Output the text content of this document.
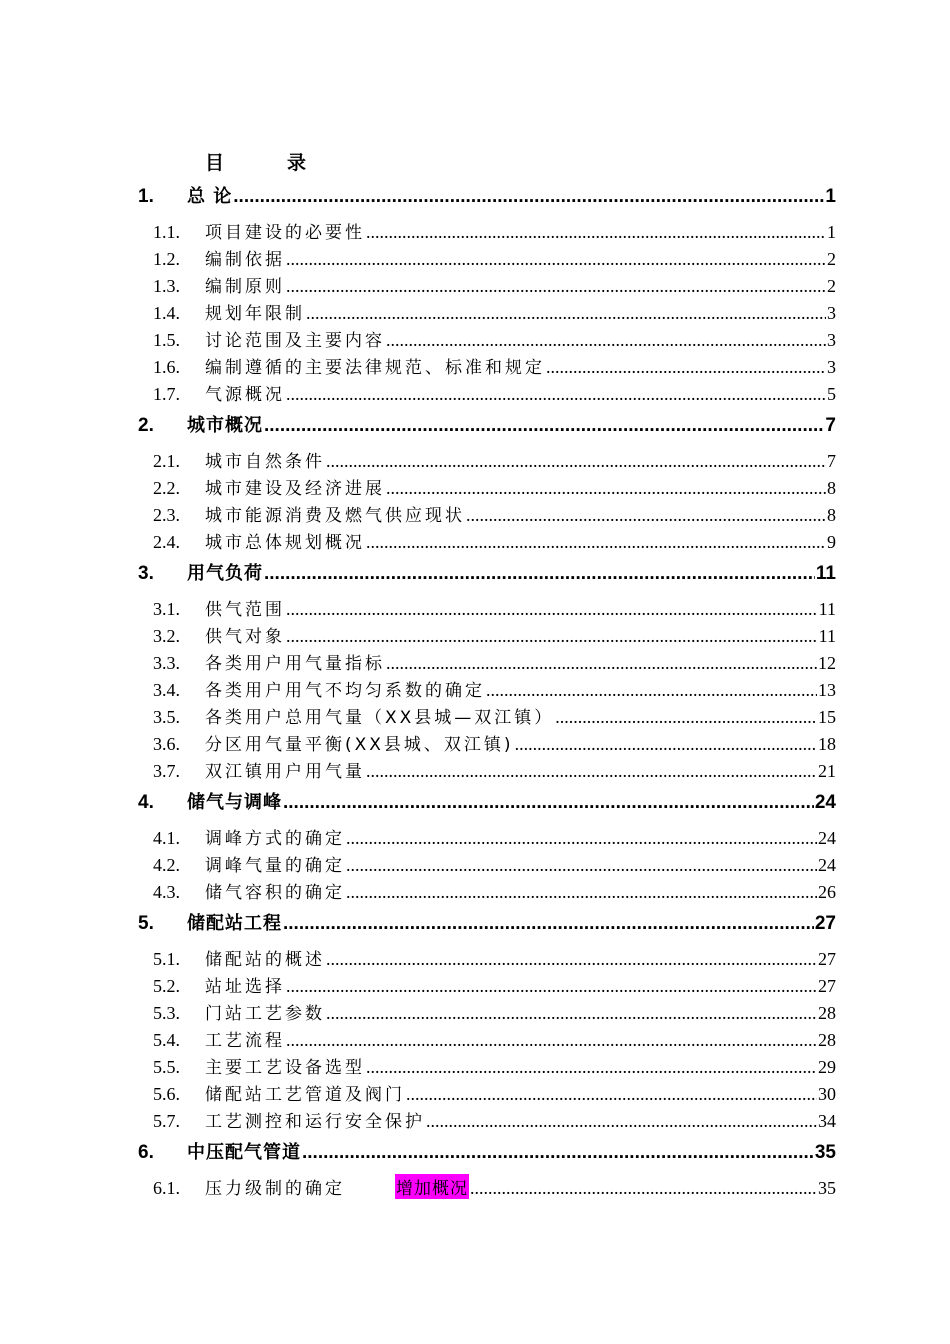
目　录
1.	总 论 .....	1
1.1.	项目建设的必要性 .....	1
1.2.	编制依据 .....	2
1.3.	编制原则 .....	2
1.4.	规划年限制 .....	3
1.5.	讨论范围及主要内容 .....	3
1.6.	编制遵循的主要法律规范、标准和规定 .....	3
1.7.	气源概况 .....	5
2.	城市概况 .....	7
2.1.	城市自然条件 .....	7
2.2.	城市建设及经济进展 .....	8
2.3.	城市能源消费及燃气供应现状 .....	8
2.4.	城市总体规划概况 .....	9
3.	用气负荷 .....	11
3.1.	供气范围 .....	11
3.2.	供气对象 .....	11
3.3.	各类用户用气量指标 .....	12
3.4.	各类用户用气不均匀系数的确定 .....	13
3.5.	各类用户总用气量（XX县城—双江镇） .....	15
3.6.	分区用气量平衡(XX县城、双江镇) .....	18
3.7.	双江镇用户用气量 .....	21
4.	储气与调峰 .....	24
4.1.	调峰方式的确定 .....	24
4.2.	调峰气量的确定 .....	24
4.3.	储气容积的确定 .....	26
5.	储配站工程 .....	27
5.1.	储配站的概述 .....	27
5.2.	站址选择 .....	27
5.3.	门站工艺参数 .....	28
5.4.	工艺流程 .....	28
5.5.	主要工艺设备选型 .....	29
5.6.	储配站工艺管道及阀门 .....	30
5.7.	工艺测控和运行安全保护 .....	34
6.	中压配气管道 .....	35
6.1.	压力级制的确定	增加概况 .....	35
